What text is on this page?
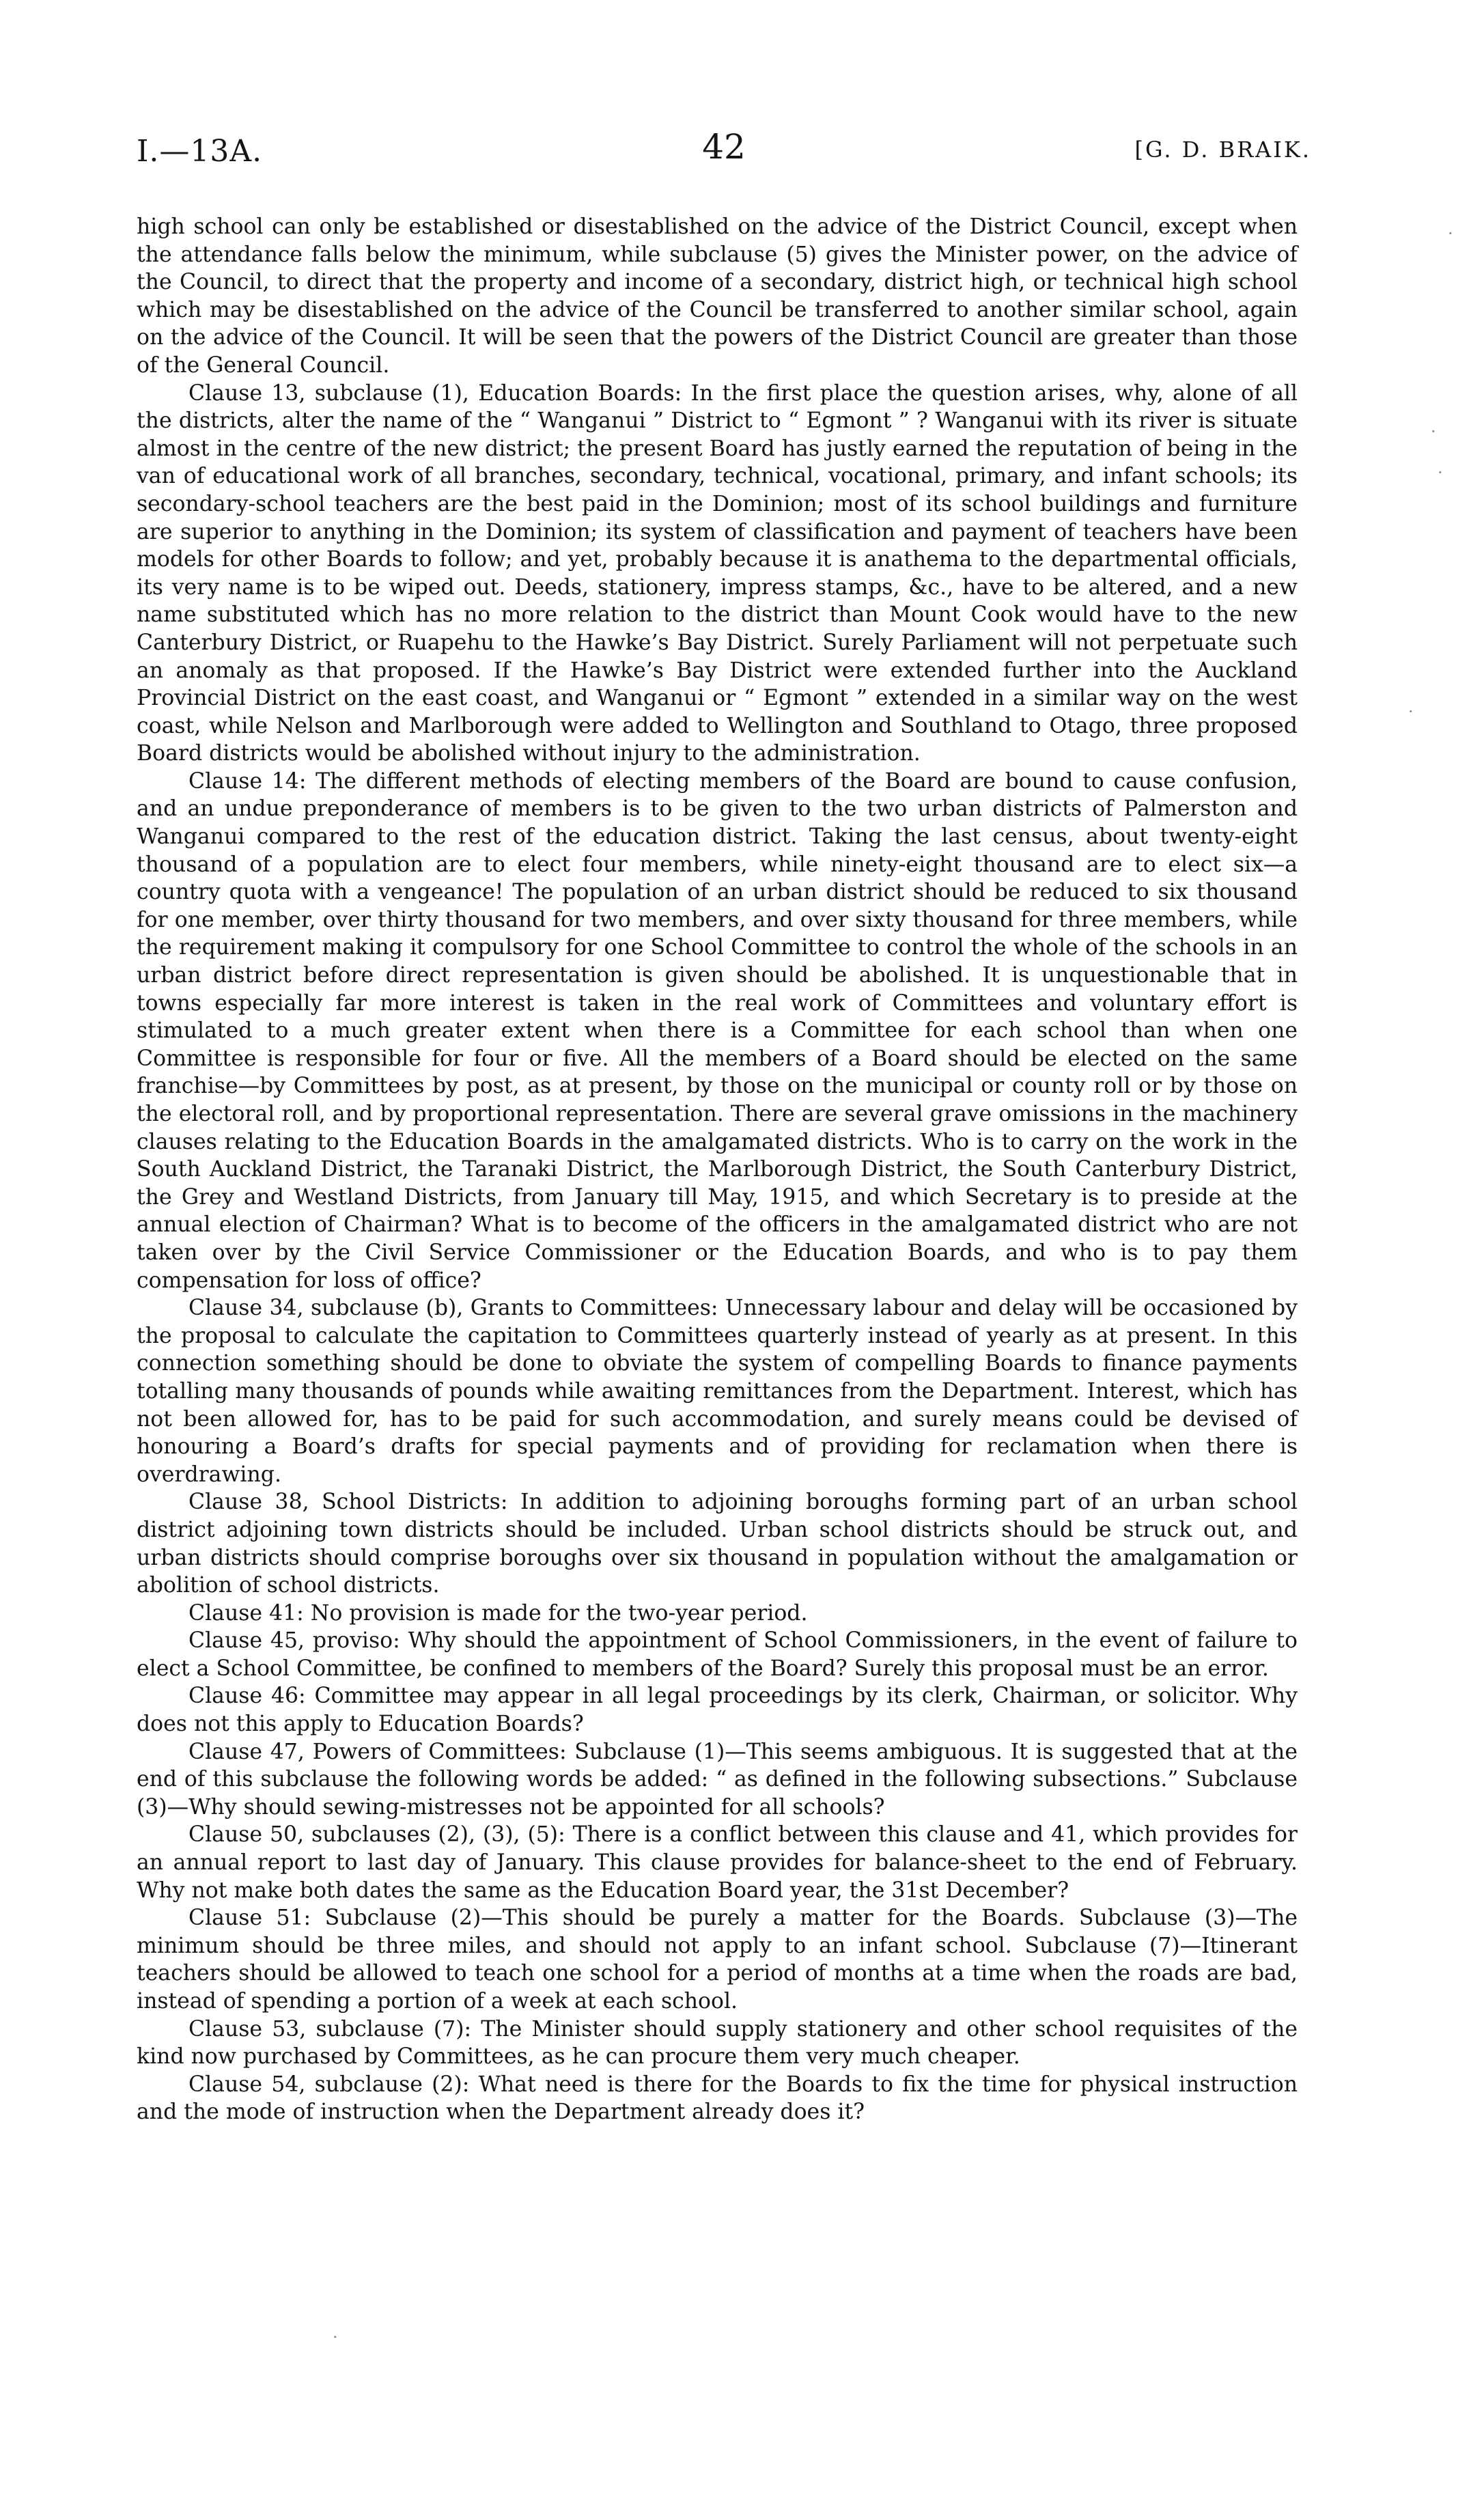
I.—13A.	42	[G. D. BRAIK.

high school can only be established or disestablished on the advice of the District Council, except when the attendance falls below the minimum, while subclause (5) gives the Minister power, on the advice of the Council, to direct that the property and income of a secondary, district high, or technical high school which may be disestablished on the advice of the Council be transferred to another similar school, again on the advice of the Council. It will be seen that the powers of the District Council are greater than those of the General Council.

Clause 13, subclause (1), Education Boards: In the first place the question arises, why, alone of all the districts, alter the name of the “ Wanganui ” District to “ Egmont ” ? Wanganui with its river is situate almost in the centre of the new district; the present Board has justly earned the reputation of being in the van of educational work of all branches, secondary, technical, vocational, primary, and infant schools; its secondary-school teachers are the best paid in the Dominion; most of its school buildings and furniture are superior to anything in the Dominion; its system of classification and payment of teachers have been models for other Boards to follow; and yet, probably because it is anathema to the departmental officials, its very name is to be wiped out. Deeds, stationery, impress stamps, &c., have to be altered, and a new name substituted which has no more relation to the district than Mount Cook would have to the new Canterbury District, or Ruapehu to the Hawke’s Bay District. Surely Parliament will not perpetuate such an anomaly as that proposed. If the Hawke’s Bay District were extended further into the Auckland Provincial District on the east coast, and Wanganui or “ Egmont ” extended in a similar way on the west coast, while Nelson and Marlborough were added to Wellington and Southland to Otago, three proposed Board districts would be abolished without injury to the administration.

Clause 14: The different methods of electing members of the Board are bound to cause confusion, and an undue preponderance of members is to be given to the two urban districts of Palmerston and Wanganui compared to the rest of the education district. Taking the last census, about twenty-eight thousand of a population are to elect four members, while ninety-eight thousand are to elect six—a country quota with a vengeance! The population of an urban district should be reduced to six thousand for one member, over thirty thousand for two members, and over sixty thousand for three members, while the requirement making it compulsory for one School Committee to control the whole of the schools in an urban district before direct representation is given should be abolished. It is unquestionable that in towns especially far more interest is taken in the real work of Committees and voluntary effort is stimulated to a much greater extent when there is a Committee for each school than when one Committee is responsible for four or five. All the members of a Board should be elected on the same franchise—by Committees by post, as at present, by those on the municipal or county roll or by those on the electoral roll, and by proportional representation. There are several grave omissions in the machinery clauses relating to the Education Boards in the amalgamated districts. Who is to carry on the work in the South Auckland District, the Taranaki District, the Marlborough District, the South Canterbury District, the Grey and Westland Districts, from January till May, 1915, and which Secretary is to preside at the annual election of Chairman? What is to become of the officers in the amalgamated district who are not taken over by the Civil Service Commissioner or the Education Boards, and who is to pay them compensation for loss of office?

Clause 34, subclause (b), Grants to Committees: Unnecessary labour and delay will be occasioned by the proposal to calculate the capitation to Committees quarterly instead of yearly as at present. In this connection something should be done to obviate the system of compelling Boards to finance payments totalling many thousands of pounds while awaiting remittances from the Department. Interest, which has not been allowed for, has to be paid for such accommodation, and surely means could be devised of honouring a Board’s drafts for special payments and of providing for reclamation when there is overdrawing.

Clause 38, School Districts: In addition to adjoining boroughs forming part of an urban school district adjoining town districts should be included. Urban school districts should be struck out, and urban districts should comprise boroughs over six thousand in population without the amalgamation or abolition of school districts.

Clause 41: No provision is made for the two-year period.

Clause 45, proviso: Why should the appointment of School Commissioners, in the event of failure to elect a School Committee, be confined to members of the Board? Surely this proposal must be an error.

Clause 46: Committee may appear in all legal proceedings by its clerk, Chairman, or solicitor. Why does not this apply to Education Boards?

Clause 47, Powers of Committees: Subclause (1)—This seems ambiguous. It is suggested that at the end of this subclause the following words be added: “ as defined in the following subsections.” Subclause (3)—Why should sewing-mistresses not be appointed for all schools?

Clause 50, subclauses (2), (3), (5): There is a conflict between this clause and 41, which provides for an annual report to last day of January. This clause provides for balance-sheet to the end of February. Why not make both dates the same as the Education Board year, the 31st December?

Clause 51: Subclause (2)—This should be purely a matter for the Boards. Subclause (3)—The minimum should be three miles, and should not apply to an infant school. Subclause (7)—Itinerant teachers should be allowed to teach one school for a period of months at a time when the roads are bad, instead of spending a portion of a week at each school.

Clause 53, subclause (7): The Minister should supply stationery and other school requisites of the kind now purchased by Committees, as he can procure them very much cheaper.

Clause 54, subclause (2): What need is there for the Boards to fix the time for physical instruction and the mode of instruction when the Department already does it?

·
·
·
·
·
